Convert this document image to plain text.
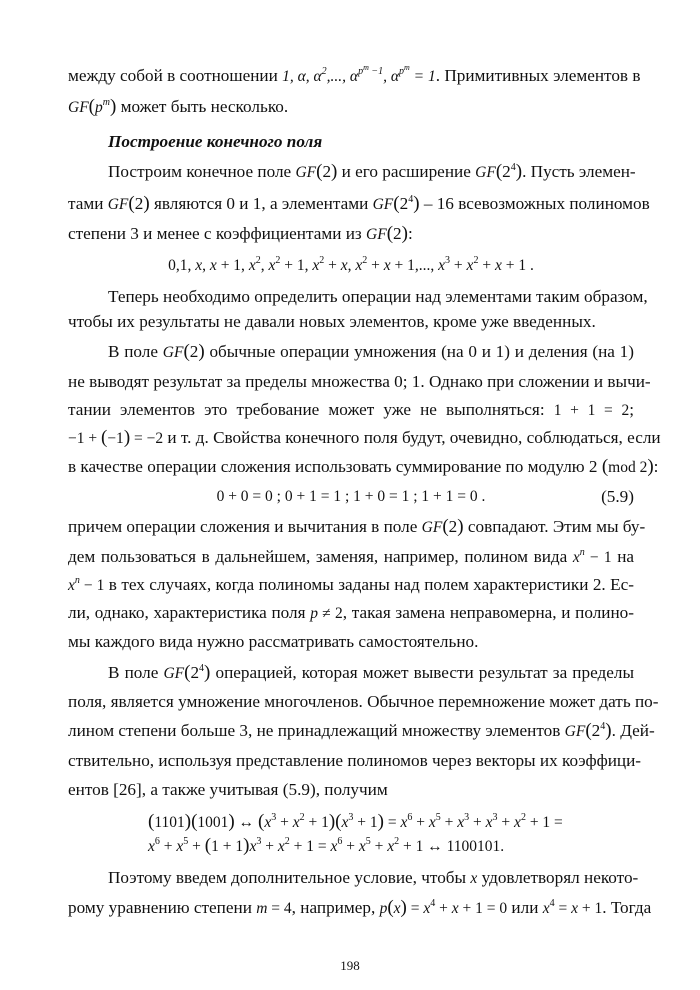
между собой в соотношении 1, α, $\alpha^2$,..., $\alpha^{p^m -1}$, $\alpha^{p^m} = 1$. Примитивных элементов в
$GF(p^m)$ может быть несколько.
Построение конечного поля
Построим конечное поле GF(2) и его расширение $GF(2^4)$. Пусть элемен-
тами GF(2) являются 0 и 1, а элементами $GF(2^4) - 16$ всевозможных полиномов
степени 3 и менее с коэффициентами из GF(2):
0,1, x, x + 1, $x^2$, $x^2 + 1$, $x^2 + x$, $x^2 + x + 1$,..., $x^3 + x^2 + x + 1$ .
Теперь необходимо определить операции над элементами таким образом,
чтобы их результаты не давали новых элементов, кроме уже введенных.
В поле GF(2) обычные операции умножения (на 0 и 1) и деления (на 1)
не выводят результат за пределы множества 0; 1. Однако при сложении и вычи-
тании элементов это требование может уже не выполняться: 1 + 1 = 2;
−1 + (−1) = −2 и т. д. Свойства конечного поля будут, очевидно, соблюдаться, если
в качестве операции сложения использовать суммирование по модулю 2 (mod 2):
0 + 0 = 0 ; 0 + 1 = 1 ; 1 + 0 = 1 ; 1 + 1 = 0 .	(5.9)
причем операции сложения и вычитания в поле GF(2) совпадают. Этим мы бу-
дем пользоваться в дальнейшем, заменяя, например, полином вида $x^n - 1$ на
$x^n - 1$ в тех случаях, когда полиномы заданы над полем характеристики 2. Ес-
ли, однако, характеристика поля p ≠ 2, такая замена неправомерна, и полино-
мы каждого вида нужно рассматривать самостоятельно.
В поле $GF(2^4)$ операцией, которая может вывести результат за пределы
поля, является умножение многочленов. Обычное перемножение может дать по-
лином степени больше 3, не принадлежащий множеству элементов $GF(2^4)$. Дей-
ствительно, используя представление полиномов через векторы их коэффици-
ентов [26], а также учитывая (5.9), получим
(1101)(1001) ↔ $(x^3 + x^2 + 1)(x^3 + 1) = x^6 + x^5 + x^3 + x^3 + x^2 + 1$ =
$x^6 + x^5 + (1 + 1)x^3 + x^2 + 1 = x^6 + x^5 + x^2 + 1$ ↔ 1100101.
Поэтому введем дополнительное условие, чтобы x удовлетворял некото-
рому уравнению степени m = 4, например, $p(x) = x^4 + x + 1 = 0$ или $x^4 = x + 1$. Тогда
198
